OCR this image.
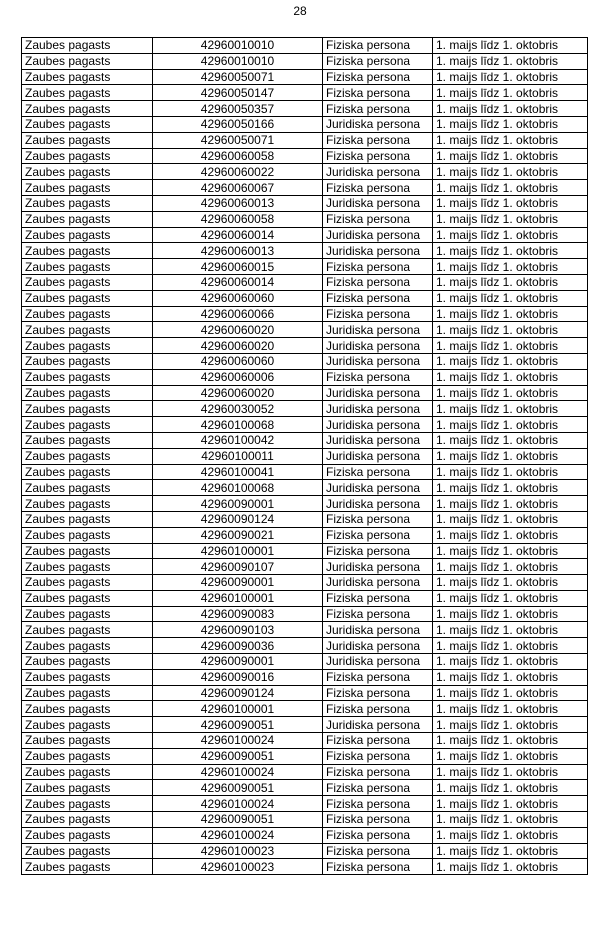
28
Zaubes pagasts	42960010010	Fiziska persona	1. maijs līdz 1. oktobris
Zaubes pagasts	42960010010	Fiziska persona	1. maijs līdz 1. oktobris
Zaubes pagasts	42960050071	Fiziska persona	1. maijs līdz 1. oktobris
Zaubes pagasts	42960050147	Fiziska persona	1. maijs līdz 1. oktobris
Zaubes pagasts	42960050357	Fiziska persona	1. maijs līdz 1. oktobris
Zaubes pagasts	42960050166	Juridiska persona	1. maijs līdz 1. oktobris
Zaubes pagasts	42960050071	Fiziska persona	1. maijs līdz 1. oktobris
Zaubes pagasts	42960060058	Fiziska persona	1. maijs līdz 1. oktobris
Zaubes pagasts	42960060022	Juridiska persona	1. maijs līdz 1. oktobris
Zaubes pagasts	42960060067	Fiziska persona	1. maijs līdz 1. oktobris
Zaubes pagasts	42960060013	Juridiska persona	1. maijs līdz 1. oktobris
Zaubes pagasts	42960060058	Fiziska persona	1. maijs līdz 1. oktobris
Zaubes pagasts	42960060014	Juridiska persona	1. maijs līdz 1. oktobris
Zaubes pagasts	42960060013	Juridiska persona	1. maijs līdz 1. oktobris
Zaubes pagasts	42960060015	Fiziska persona	1. maijs līdz 1. oktobris
Zaubes pagasts	42960060014	Fiziska persona	1. maijs līdz 1. oktobris
Zaubes pagasts	42960060060	Fiziska persona	1. maijs līdz 1. oktobris
Zaubes pagasts	42960060066	Fiziska persona	1. maijs līdz 1. oktobris
Zaubes pagasts	42960060020	Juridiska persona	1. maijs līdz 1. oktobris
Zaubes pagasts	42960060020	Juridiska persona	1. maijs līdz 1. oktobris
Zaubes pagasts	42960060060	Juridiska persona	1. maijs līdz 1. oktobris
Zaubes pagasts	42960060006	Fiziska persona	1. maijs līdz 1. oktobris
Zaubes pagasts	42960060020	Juridiska persona	1. maijs līdz 1. oktobris
Zaubes pagasts	42960030052	Juridiska persona	1. maijs līdz 1. oktobris
Zaubes pagasts	42960100068	Juridiska persona	1. maijs līdz 1. oktobris
Zaubes pagasts	42960100042	Juridiska persona	1. maijs līdz 1. oktobris
Zaubes pagasts	42960100011	Juridiska persona	1. maijs līdz 1. oktobris
Zaubes pagasts	42960100041	Fiziska persona	1. maijs līdz 1. oktobris
Zaubes pagasts	42960100068	Juridiska persona	1. maijs līdz 1. oktobris
Zaubes pagasts	42960090001	Juridiska persona	1. maijs līdz 1. oktobris
Zaubes pagasts	42960090124	Fiziska persona	1. maijs līdz 1. oktobris
Zaubes pagasts	42960090021	Fiziska persona	1. maijs līdz 1. oktobris
Zaubes pagasts	42960100001	Fiziska persona	1. maijs līdz 1. oktobris
Zaubes pagasts	42960090107	Juridiska persona	1. maijs līdz 1. oktobris
Zaubes pagasts	42960090001	Juridiska persona	1. maijs līdz 1. oktobris
Zaubes pagasts	42960100001	Fiziska persona	1. maijs līdz 1. oktobris
Zaubes pagasts	42960090083	Fiziska persona	1. maijs līdz 1. oktobris
Zaubes pagasts	42960090103	Juridiska persona	1. maijs līdz 1. oktobris
Zaubes pagasts	42960090036	Juridiska persona	1. maijs līdz 1. oktobris
Zaubes pagasts	42960090001	Juridiska persona	1. maijs līdz 1. oktobris
Zaubes pagasts	42960090016	Fiziska persona	1. maijs līdz 1. oktobris
Zaubes pagasts	42960090124	Fiziska persona	1. maijs līdz 1. oktobris
Zaubes pagasts	42960100001	Fiziska persona	1. maijs līdz 1. oktobris
Zaubes pagasts	42960090051	Juridiska persona	1. maijs līdz 1. oktobris
Zaubes pagasts	42960100024	Fiziska persona	1. maijs līdz 1. oktobris
Zaubes pagasts	42960090051	Fiziska persona	1. maijs līdz 1. oktobris
Zaubes pagasts	42960100024	Fiziska persona	1. maijs līdz 1. oktobris
Zaubes pagasts	42960090051	Fiziska persona	1. maijs līdz 1. oktobris
Zaubes pagasts	42960100024	Fiziska persona	1. maijs līdz 1. oktobris
Zaubes pagasts	42960090051	Fiziska persona	1. maijs līdz 1. oktobris
Zaubes pagasts	42960100024	Fiziska persona	1. maijs līdz 1. oktobris
Zaubes pagasts	42960100023	Fiziska persona	1. maijs līdz 1. oktobris
Zaubes pagasts	42960100023	Fiziska persona	1. maijs līdz 1. oktobris
